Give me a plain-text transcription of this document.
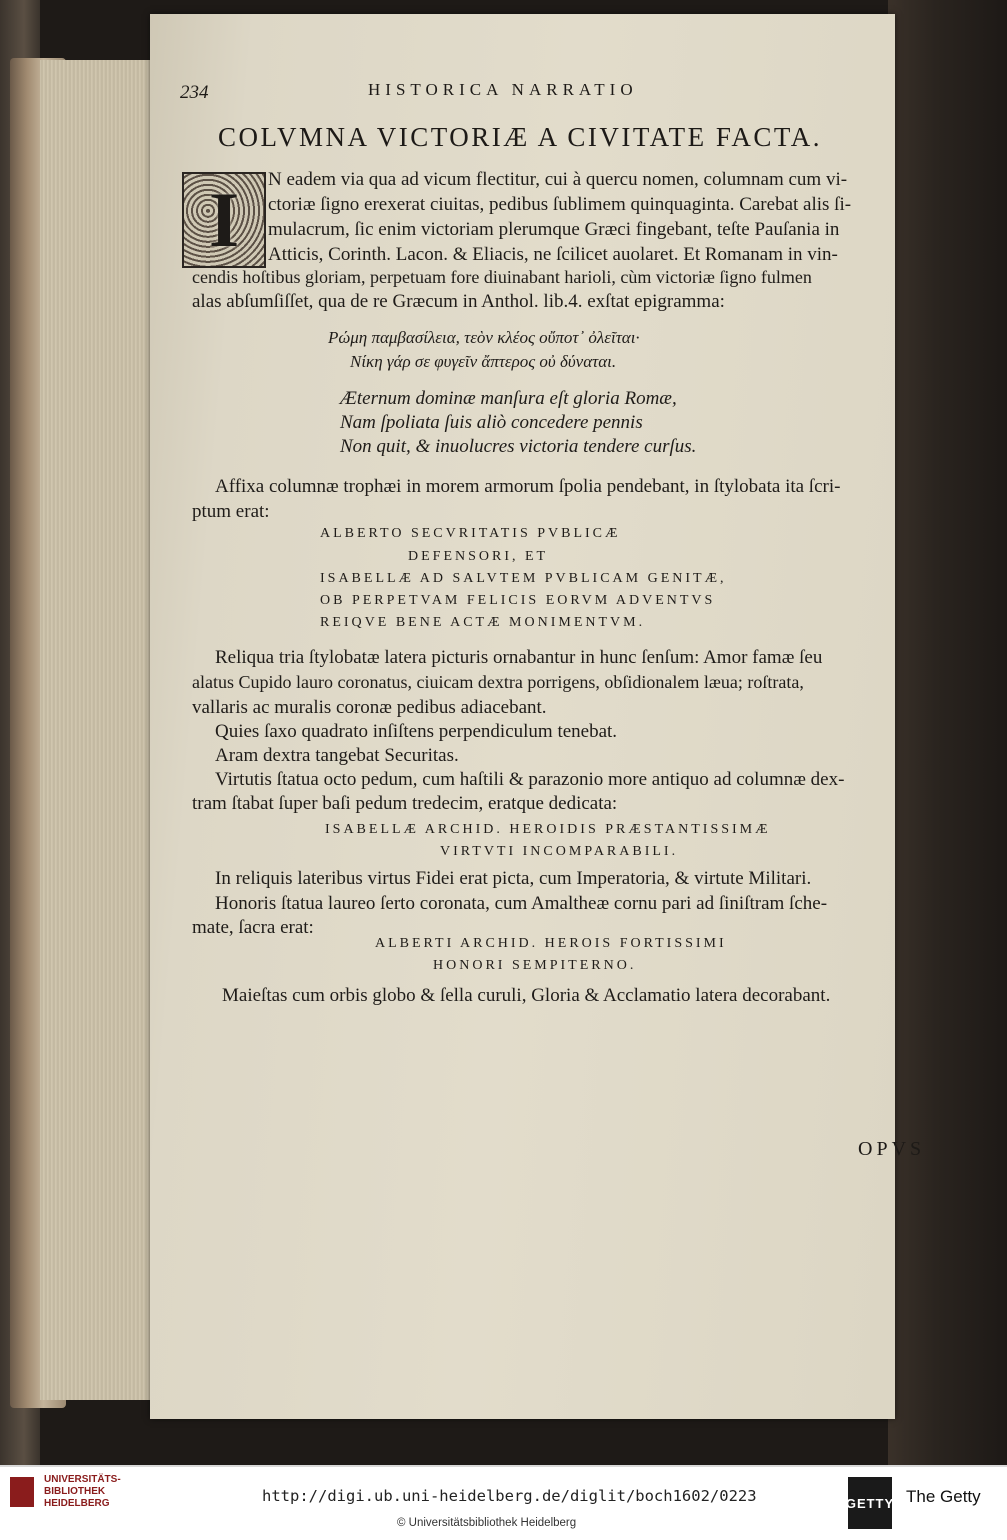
234	HISTORICA NARRATIO
COLVMNA VICTORIÆ A CIVITATE FACTA.
I	N eadem via qua ad vicum flectitur, cui à quercu nomen, columnam cum vi-
ctoriæ ſigno erexerat ciuitas, pedibus ſublimem quinquaginta. Carebat alis ſi-
mulacrum, ſic enim victoriam plerumque Græci fingebant, teſte Pauſania in
Atticis, Corinth. Lacon. & Eliacis, ne ſcilicet auolaret. Et Romanam in vin-
cendis hoſtibus gloriam, perpetuam fore diuinabant harioli, cùm victoriæ ſigno fulmen
alas abſumſiſſet, qua de re Græcum in Anthol. lib.4. exſtat epigramma:
Ρώμη παμβασίλεια, τεὸν κλέος οὔποτ᾽ ὀλεῖται·
Νίκη γάρ σε φυγεῖν ἄπτερος οὐ δύναται.
Æternum dominæ manſura eſt gloria Romæ,
Nam ſpoliata ſuis aliò concedere pennis
Non quit, & inuolucres victoria tendere curſus.
Affixa columnæ trophæi in morem armorum ſpolia pendebant, in ſtylobata ita ſcri-
ptum erat:
ALBERTO SECVRITATIS PVBLICÆ
DEFENSORI, ET
ISABELLÆ AD SALVTEM PVBLICAM GENITÆ,
OB PERPETVAM FELICIS EORVM ADVENTVS
REIQVE BENE ACTÆ MONIMENTVM.
Reliqua tria ſtylobatæ latera picturis ornabantur in hunc ſenſum: Amor famæ ſeu
alatus Cupido lauro coronatus, ciuicam dextra porrigens, obſidionalem læua; roſtrata,
vallaris ac muralis coronæ pedibus adiacebant.
Quies ſaxo quadrato inſiſtens perpendiculum tenebat.
Aram dextra tangebat Securitas.
Virtutis ſtatua octo pedum, cum haſtili & parazonio more antiquo ad columnæ dex-
tram ſtabat ſuper baſi pedum tredecim, eratque dedicata:
ISABELLÆ ARCHID. HEROIDIS PRÆSTANTISSIMÆ
VIRTVTI INCOMPARABILI.
In reliquis lateribus virtus Fidei erat picta, cum Imperatoria, & virtute Militari.
Honoris ſtatua laureo ſerto coronata, cum Amaltheæ cornu pari ad ſiniſtram ſche-
mate, ſacra erat:
ALBERTI ARCHID. HEROIS FORTISSIMI
HONORI SEMPITERNO.
Maieſtas cum orbis globo & ſella curuli, Gloria & Acclamatio latera decorabant.
OPVS
UNIVERSITÄTS-
BIBLIOTHEK
HEIDELBERG	http://digi.ub.uni-heidelberg.de/diglit/boch1602/0223
© Universitätsbibliothek Heidelberg
GETTY The Getty
